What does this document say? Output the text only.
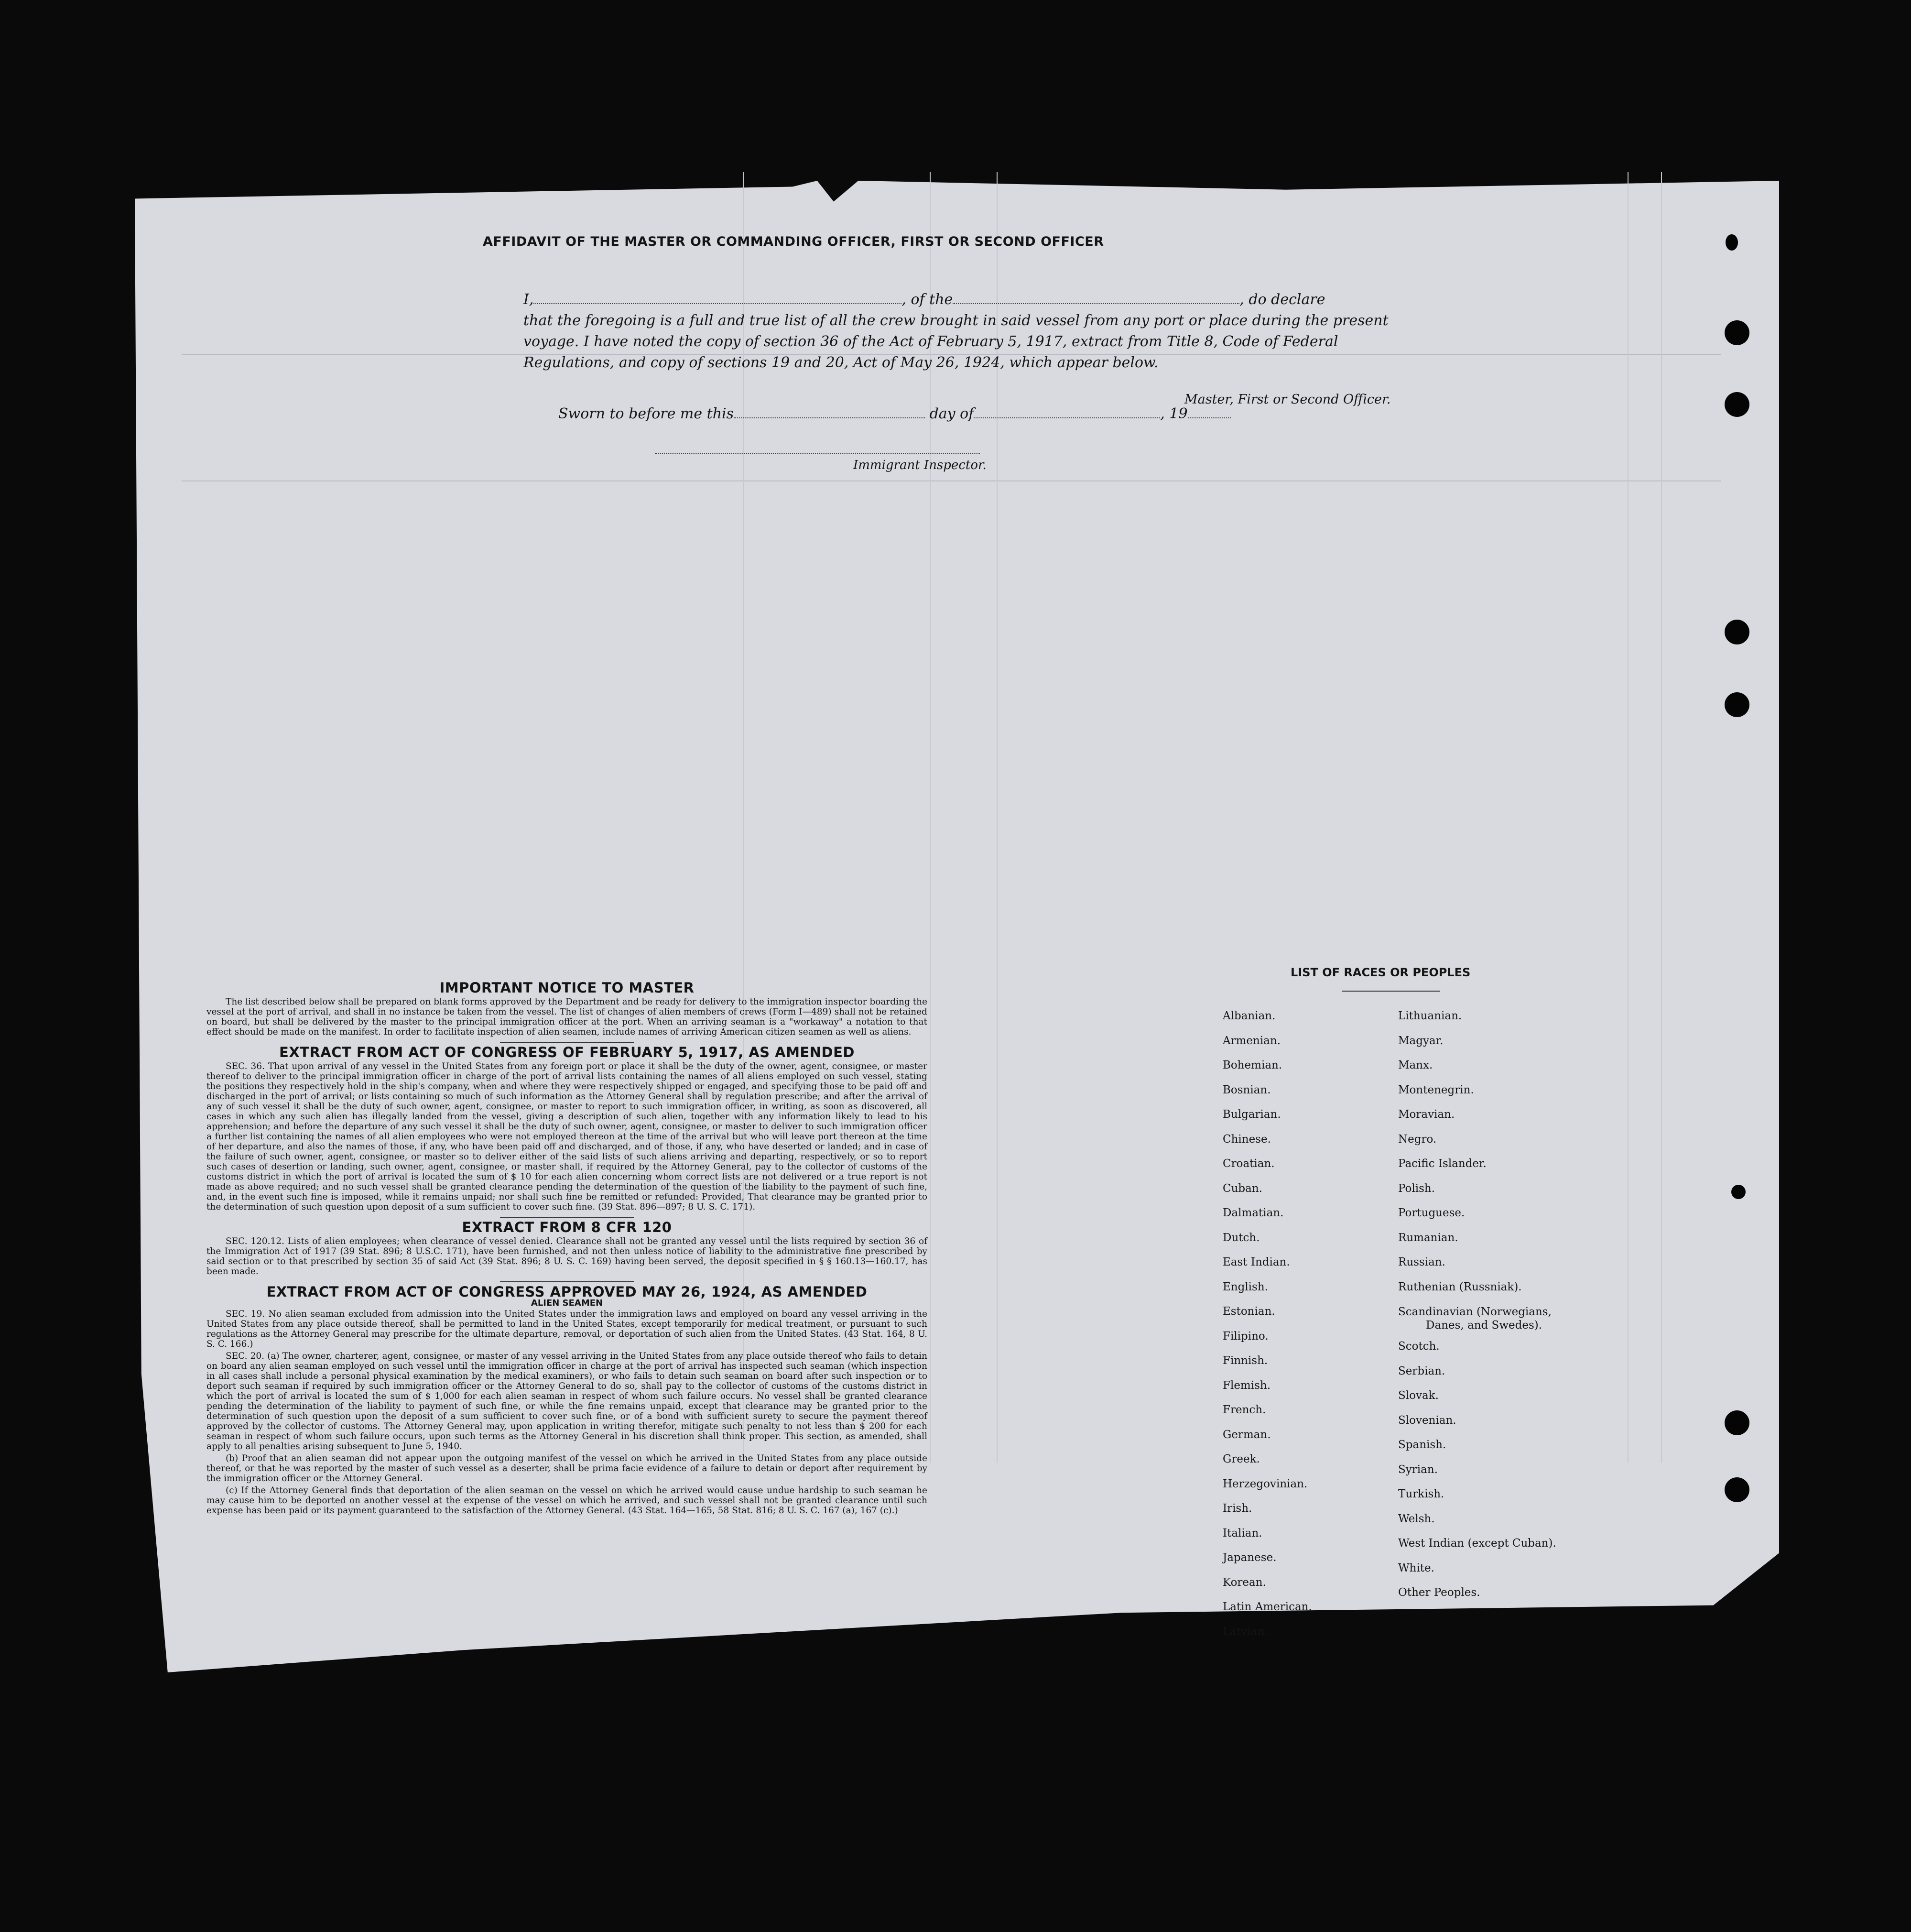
AFFIDAVIT OF THE MASTER OR COMMANDING OFFICER, FIRST OR SECOND OFFICER
I,	, of the	, do declare
that the foregoing is a full and true list of all the crew brought in said vessel from any port or place during the present voyage. I have noted the copy of section 36 of the Act of February 5, 1917, extract from Title 8, Code of Federal Regulations, and copy of sections 19 and 20, Act of May 26, 1924, which appear below.
Sworn to before me this	day of	, 19
Master, First or Second Officer.
Immigrant Inspector.
IMPORTANT NOTICE TO MASTER

The list described below shall be prepared on blank forms approved by the Department and be ready for delivery to the immigration inspector boarding the vessel at the port of arrival, and shall in no instance be taken from the vessel. The list of changes of alien members of crews (Form I—489) shall not be retained on board, but shall be delivered by the master to the principal immigration officer at the port. When an arriving seaman is a "workaway" a notation to that effect should be made on the manifest. In order to facilitate inspection of alien seamen, include names of arriving American citizen seamen as well as aliens.

EXTRACT FROM ACT OF CONGRESS OF FEBRUARY 5, 1917, AS AMENDED

SEC. 36. That upon arrival of any vessel in the United States from any foreign port or place it shall be the duty of the owner, agent, consignee, or master thereof to deliver to the principal immigration officer in charge of the port of arrival lists containing the names of all aliens employed on such vessel, stating the positions they respectively hold in the ship's company, when and where they were respectively shipped or engaged, and specifying those to be paid off and discharged in the port of arrival; or lists containing so much of such information as the Attorney General shall by regulation prescribe; and after the arrival of any of such vessel it shall be the duty of such owner, agent, consignee, or master to report to such immigration officer, in writing, as soon as discovered, all cases in which any such alien has illegally landed from the vessel, giving a description of such alien, together with any information likely to lead to his apprehension; and before the departure of any such vessel it shall be the duty of such owner, agent, consignee, or master to deliver to such immigration officer a further list containing the names of all alien employees who were not employed thereon at the time of the arrival but who will leave port thereon at the time of her departure, and also the names of those, if any, who have been paid off and discharged, and of those, if any, who have deserted or landed; and in case of the failure of such owner, agent, consignee, or master so to deliver either of the said lists of such aliens arriving and departing, respectively, or so to report such cases of desertion or landing, such owner, agent, consignee, or master shall, if required by the Attorney General, pay to the collector of customs of the customs district in which the port of arrival is located the sum of $ 10 for each alien concerning whom correct lists are not delivered or a true report is not made as above required; and no such vessel shall be granted clearance pending the determination of the question of the liability to the payment of such fine, and, in the event such fine is imposed, while it remains unpaid; nor shall such fine be remitted or refunded: Provided, That clearance may be granted prior to the determination of such question upon deposit of a sum sufficient to cover such fine. (39 Stat. 896—897; 8 U. S. C. 171).

EXTRACT FROM 8 CFR 120

SEC. 120.12. Lists of alien employees; when clearance of vessel denied. Clearance shall not be granted any vessel until the lists required by section 36 of the Immigration Act of 1917 (39 Stat. 896; 8 U.S.C. 171), have been furnished, and not then unless notice of liability to the administrative fine prescribed by said section or to that prescribed by section 35 of said Act (39 Stat. 896; 8 U. S. C. 169) having been served, the deposit specified in § § 160.13—160.17, has been made.

EXTRACT FROM ACT OF CONGRESS APPROVED MAY 26, 1924, AS AMENDED
ALIEN SEAMEN

SEC. 19. No alien seaman excluded from admission into the United States under the immigration laws and employed on board any vessel arriving in the United States from any place outside thereof, shall be permitted to land in the United States, except temporarily for medical treatment, or pursuant to such regulations as the Attorney General may prescribe for the ultimate departure, removal, or deportation of such alien from the United States. (43 Stat. 164, 8 U. S. C. 166.)

SEC. 20. (a) The owner, charterer, agent, consignee, or master of any vessel arriving in the United States from any place outside thereof who fails to detain on board any alien seaman employed on such vessel until the immigration officer in charge at the port of arrival has inspected such seaman (which inspection in all cases shall include a personal physical examination by the medical examiners), or who fails to detain such seaman on board after such inspection or to deport such seaman if required by such immigration officer or the Attorney General to do so, shall pay to the collector of customs of the customs district in which the port of arrival is located the sum of $ 1,000 for each alien seaman in respect of whom such failure occurs. No vessel shall be granted clearance pending the determination of the liability to payment of such fine, or while the fine remains unpaid, except that clearance may be granted prior to the determination of such question upon the deposit of a sum sufficient to cover such fine, or of a bond with sufficient surety to secure the payment thereof approved by the collector of customs. The Attorney General may, upon application in writing therefor, mitigate such penalty to not less than $ 200 for each seaman in respect of whom such failure occurs, upon such terms as the Attorney General in his discretion shall think proper. This section, as amended, shall apply to all penalties arising subsequent to June 5, 1940.

(b) Proof that an alien seaman did not appear upon the outgoing manifest of the vessel on which he arrived in the United States from any place outside thereof, or that he was reported by the master of such vessel as a deserter, shall be prima facie evidence of a failure to detain or deport after requirement by the immigration officer or the Attorney General.

(c) If the Attorney General finds that deportation of the alien seaman on the vessel on which he arrived would cause undue hardship to such seaman he may cause him to be deported on another vessel at the expense of the vessel on which he arrived, and such vessel shall not be granted clearance until such expense has been paid or its payment guaranteed to the satisfaction of the Attorney General. (43 Stat. 164—165, 58 Stat. 816; 8 U. S. C. 167 (a), 167 (c).)

LIST OF RACES OR PEOPLES
Albanian.
Armenian.
Bohemian.
Bosnian.
Bulgarian.
Chinese.
Croatian.
Cuban.
Dalmatian.
Dutch.
East Indian.
English.
Estonian.
Filipino.
Finnish.
Flemish.
French.
German.
Greek.
Herzegovinian.
Irish.
Italian.
Japanese.
Korean.
Latin American.
Latvian.
Lithuanian.
Magyar.
Manx.
Montenegrin.
Moravian.
Negro.
Pacific Islander.
Polish.
Portuguese.
Rumanian.
Russian.
Ruthenian (Russniak).
Scandinavian (Norwegians,
Danes, and Swedes).
Scotch.
Serbian.
Slovak.
Slovenian.
Spanish.
Syrian.
Turkish.
Welsh.
West Indian (except Cuban).
White.
Other Peoples.
